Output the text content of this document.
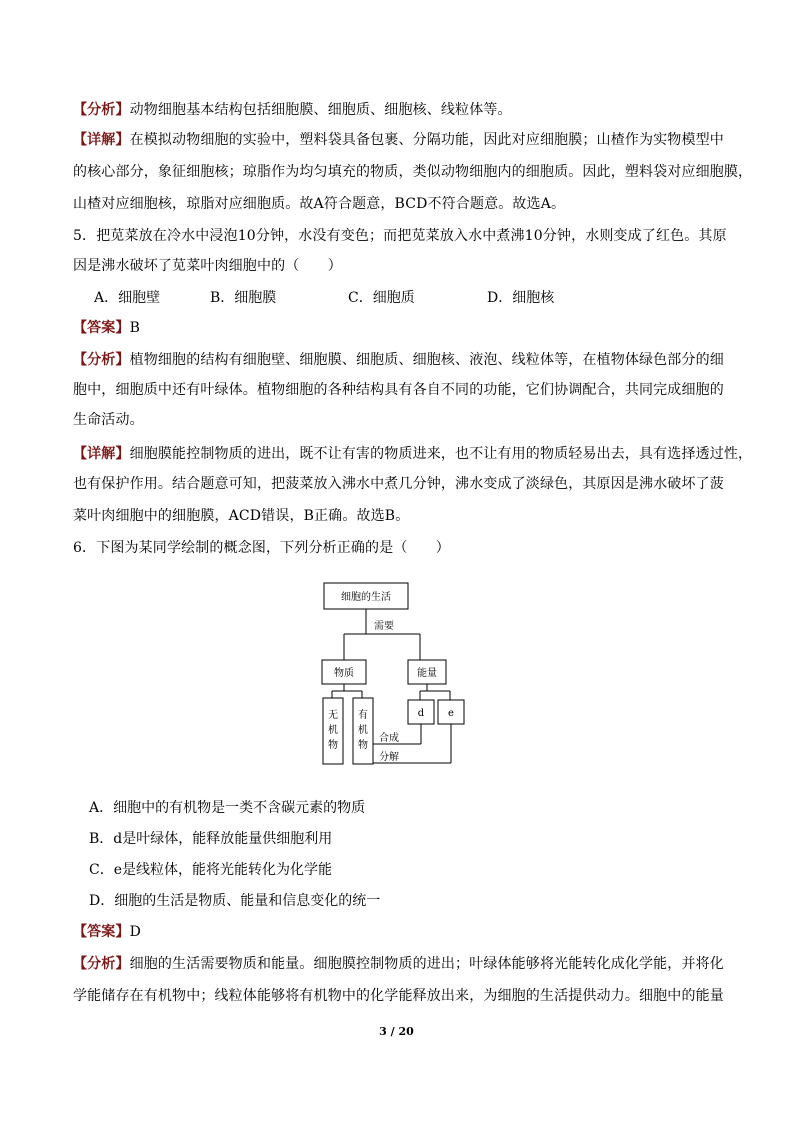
【分析】动物细胞基本结构包括细胞膜、细胞质、细胞核、线粒体等。
【详解】在模拟动物细胞的实验中，塑料袋具备包裹、分隔功能，因此对应细胞膜；山楂作为实物模型中
的核心部分，象征细胞核；琼脂作为均匀填充的物质，类似动物细胞内的细胞质。因此，塑料袋对应细胞膜，
山楂对应细胞核，琼脂对应细胞质。故A符合题意，BCD不符合题意。故选A。
5．把苋菜放在冷水中浸泡10分钟，水没有变色；而把苋菜放入水中煮沸10分钟，水则变成了红色。其原
因是沸水破坏了苋菜叶肉细胞中的（　　）
A．细胞壁	B．细胞膜	C．细胞质	D．细胞核
【答案】B
【分析】植物细胞的结构有细胞壁、细胞膜、细胞质、细胞核、液泡、线粒体等，在植物体绿色部分的细
胞中，细胞质中还有叶绿体。植物细胞的各种结构具有各自不同的功能，它们协调配合，共同完成细胞的
生命活动。
【详解】细胞膜能控制物质的进出，既不让有害的物质进来，也不让有用的物质轻易出去，具有选择透过性，
也有保护作用。结合题意可知，把菠菜放入沸水中煮几分钟，沸水变成了淡绿色，其原因是沸水破坏了菠
菜叶肉细胞中的细胞膜，ACD错误，B正确。故选B。
6．下图为某同学绘制的概念图，下列分析正确的是（　　）
细胞的生活
需要
物质	能量
无机物
有机物
d e
合成
分解
A．细胞中的有机物是一类不含碳元素的物质
B．d是叶绿体，能释放能量供细胞利用
C．e是线粒体，能将光能转化为化学能
D．细胞的生活是物质、能量和信息变化的统一
【答案】D
【分析】细胞的生活需要物质和能量。细胞膜控制物质的进出；叶绿体能够将光能转化成化学能，并将化
学能储存在有机物中；线粒体能够将有机物中的化学能释放出来，为细胞的生活提供动力。细胞中的能量
3 / 20
